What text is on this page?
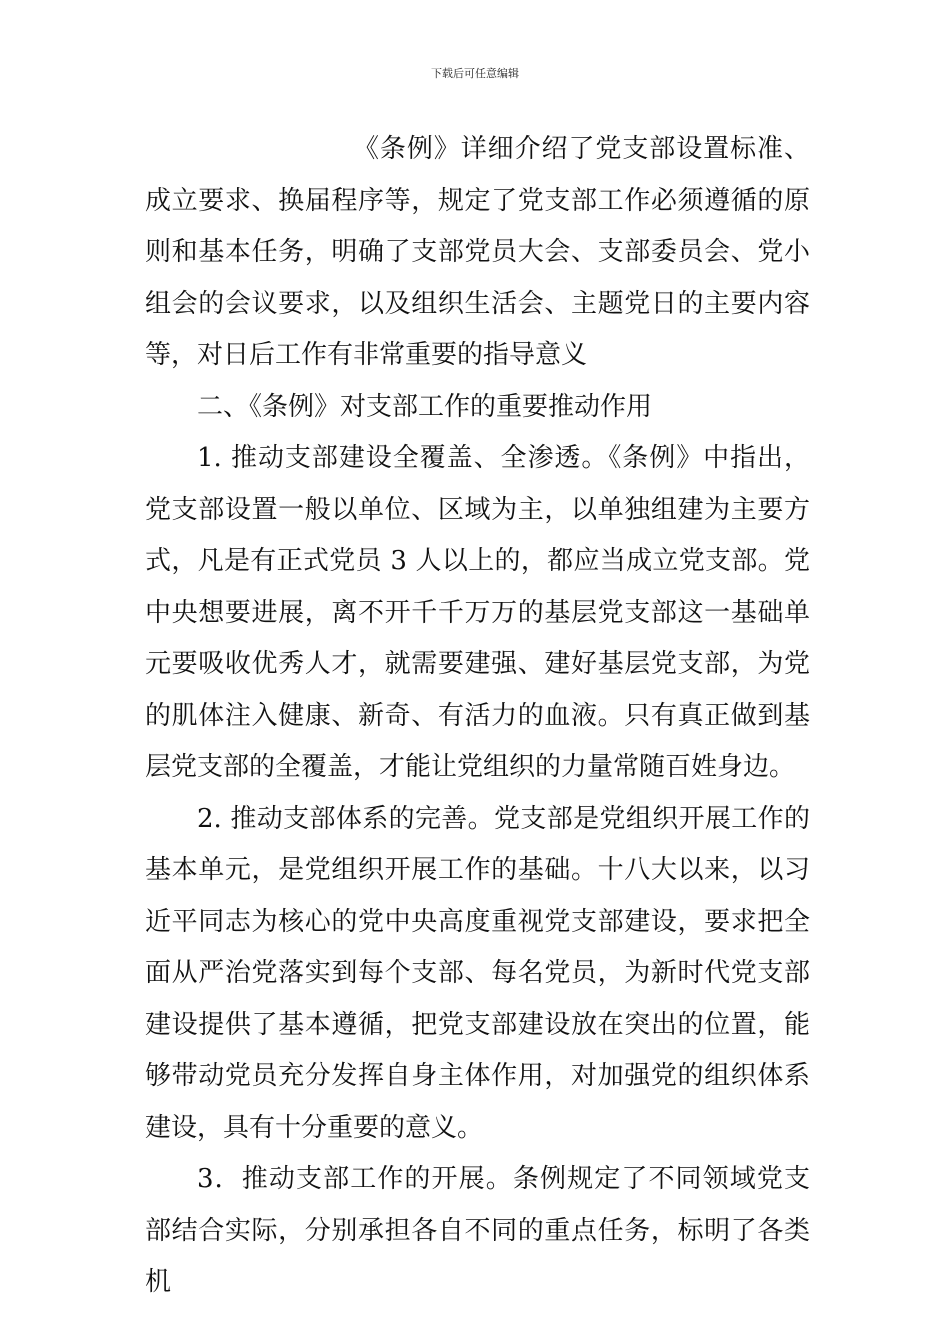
下载后可任意编辑

《条例》详细介绍了党支部设置标准、成立要求、换届程序等，规定了党支部工作必须遵循的原则和基本任务，明确了支部党员大会、支部委员会、党小组会的会议要求，以及组织生活会、主题党日的主要内容等，对日后工作有非常重要的指导意义

二、《条例》对支部工作的重要推动作用

1. 推动支部建设全覆盖、全渗透。《条例》中指出，党支部设置一般以单位、区域为主，以单独组建为主要方式，凡是有正式党员 3 人以上的，都应当成立党支部。党中央想要进展，离不开千千万万的基层党支部这一基础单元要吸收优秀人才，就需要建强、建好基层党支部，为党的肌体注入健康、新奇、有活力的血液。只有真正做到基层党支部的全覆盖，才能让党组织的力量常随百姓身边。

2. 推动支部体系的完善。党支部是党组织开展工作的基本单元，是党组织开展工作的基础。十八大以来，以习近平同志为核心的党中央高度重视党支部建设，要求把全面从严治党落实到每个支部、每名党员，为新时代党支部建设提供了基本遵循，把党支部建设放在突出的位置，能够带动党员充分发挥自身主体作用，对加强党的组织体系建设，具有十分重要的意义。

3．推动支部工作的开展。条例规定了不同领域党支部结合实际，分别承担各自不同的重点任务，标明了各类机
